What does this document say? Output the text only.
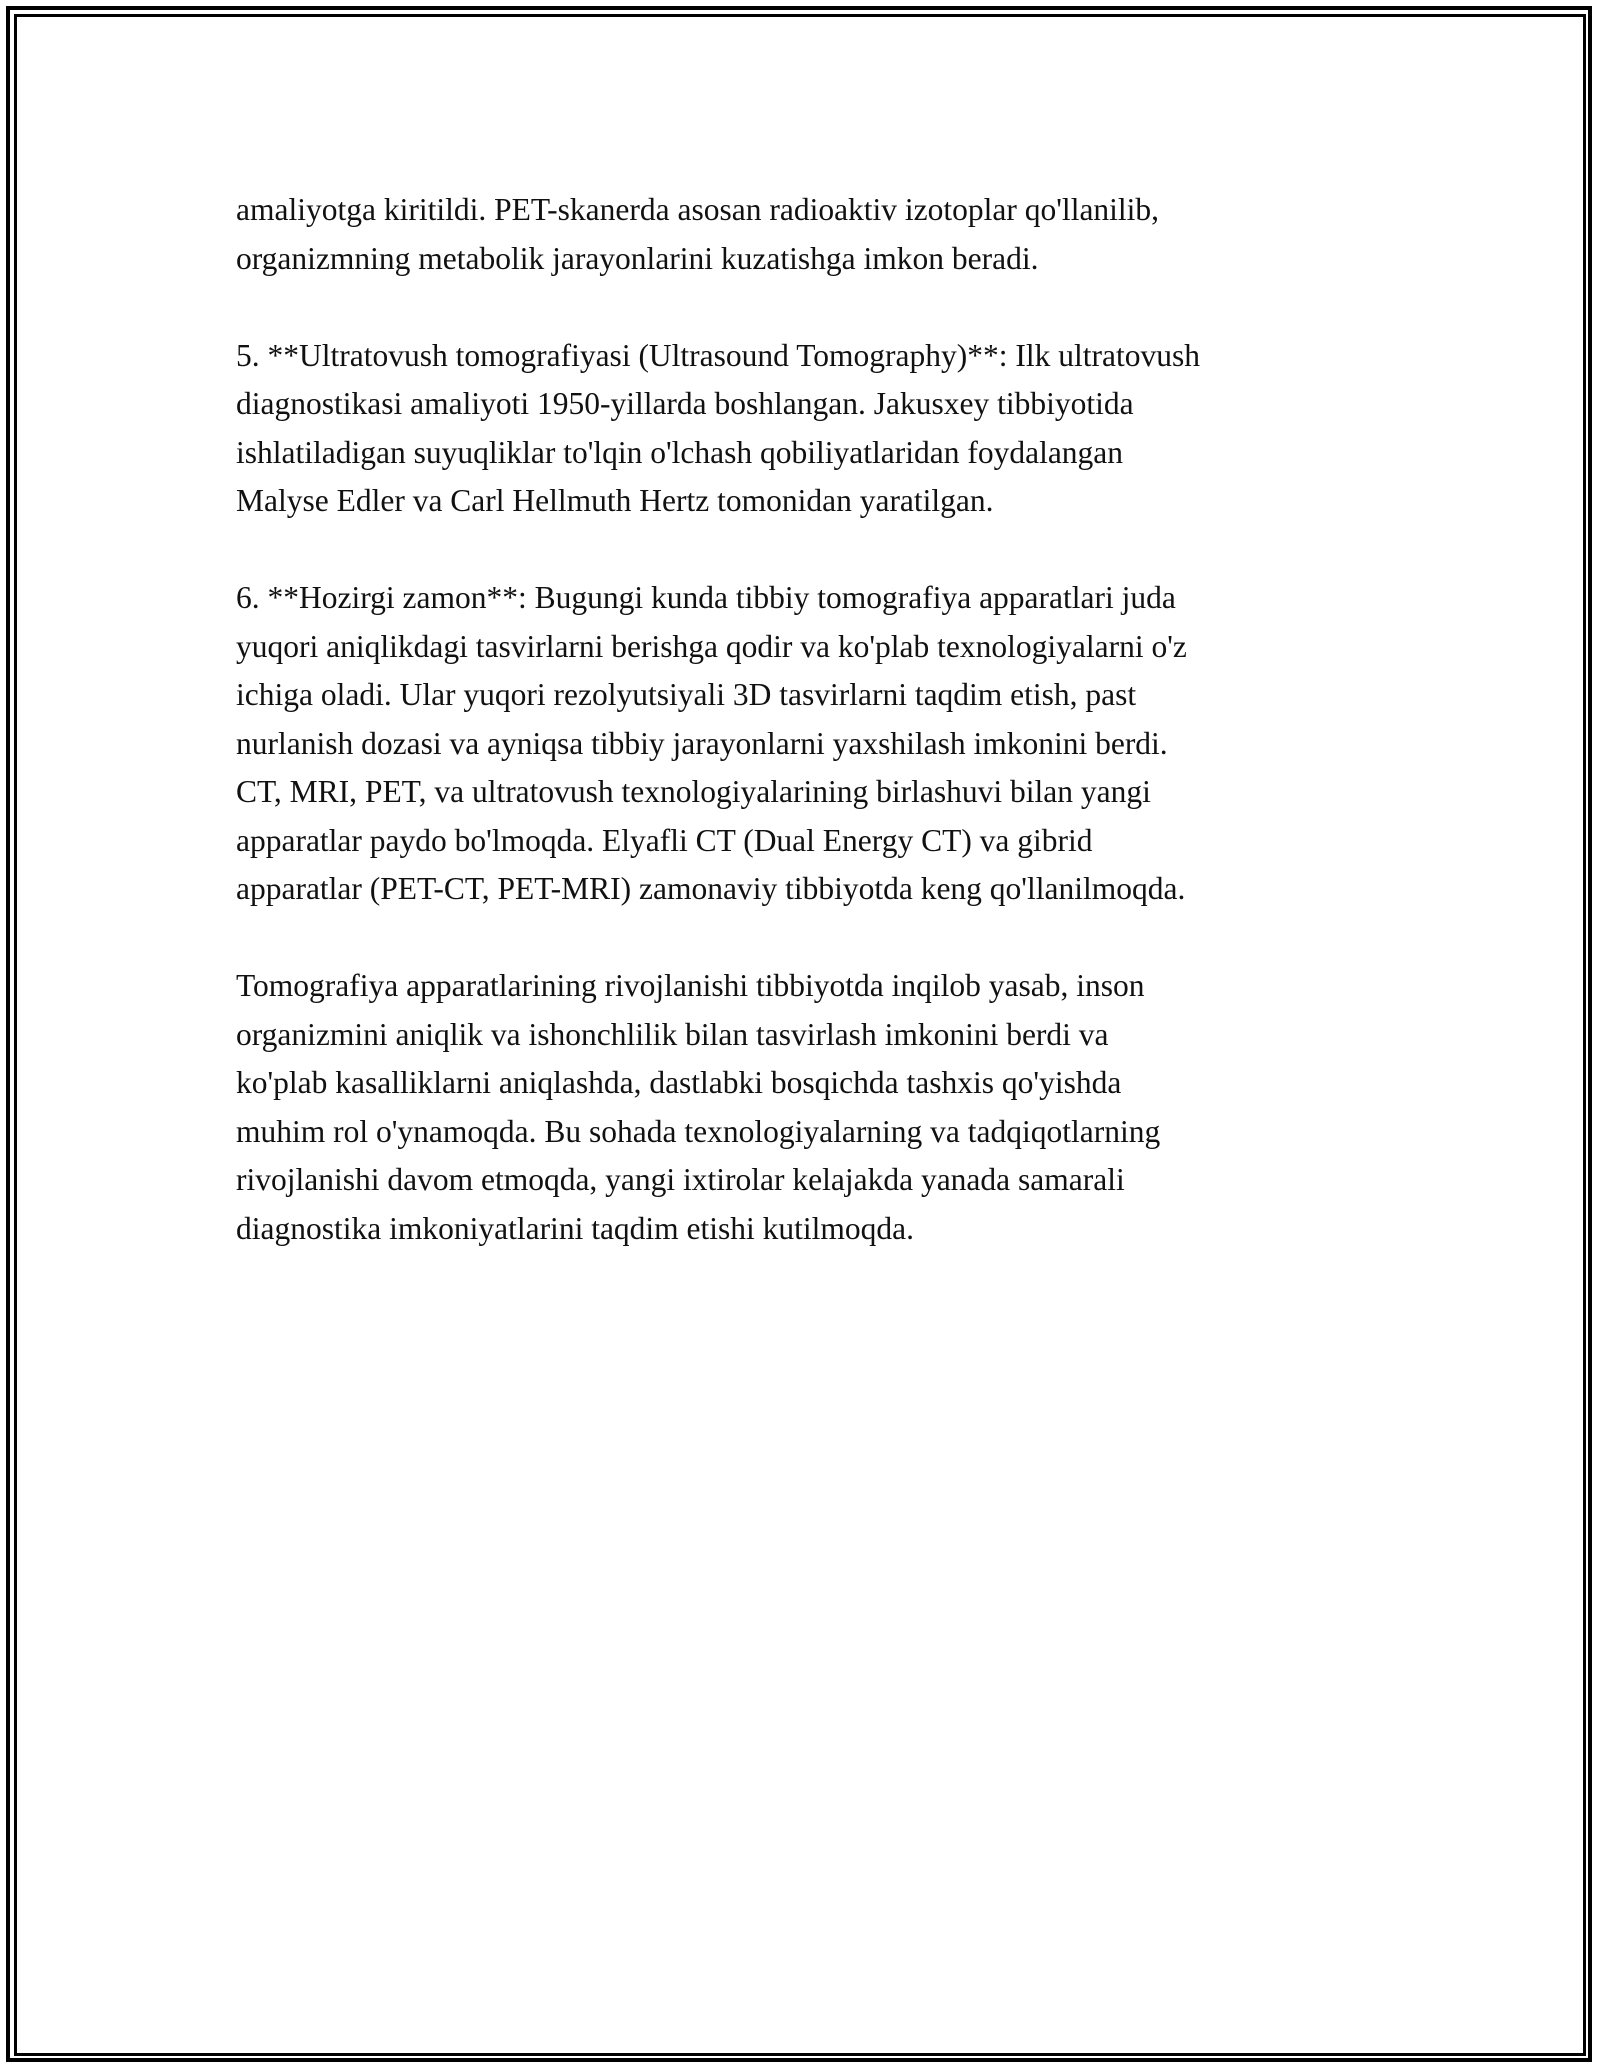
amaliyotga kiritildi. PET-skanerda asosan radioaktiv izotoplar qo'llanilib,
organizmning metabolik jarayonlarini kuzatishga imkon beradi.

5. **Ultratovush tomografiyasi (Ultrasound Tomography)**: Ilk ultratovush
diagnostikasi amaliyoti 1950-yillarda boshlangan. Jakusxey tibbiyotida
ishlatiladigan suyuqliklar to'lqin o'lchash qobiliyatlaridan foydalangan
Malyse Edler va Carl Hellmuth Hertz tomonidan yaratilgan.

6. **Hozirgi zamon**: Bugungi kunda tibbiy tomografiya apparatlari juda
yuqori aniqlikdagi tasvirlarni berishga qodir va ko'plab texnologiyalarni o'z
ichiga oladi. Ular yuqori rezolyutsiyali 3D tasvirlarni taqdim etish, past
nurlanish dozasi va ayniqsa tibbiy jarayonlarni yaxshilash imkonini berdi.
CT, MRI, PET, va ultratovush texnologiyalarining birlashuvi bilan yangi
apparatlar paydo bo'lmoqda. Elyafli CT (Dual Energy CT) va gibrid
apparatlar (PET-CT, PET-MRI) zamonaviy tibbiyotda keng qo'llanilmoqda.

Tomografiya apparatlarining rivojlanishi tibbiyotda inqilob yasab, inson
organizmini aniqlik va ishonchlilik bilan tasvirlash imkonini berdi va
ko'plab kasalliklarni aniqlashda, dastlabki bosqichda tashxis qo'yishda
muhim rol o'ynamoqda. Bu sohada texnologiyalarning va tadqiqotlarning
rivojlanishi davom etmoqda, yangi ixtirolar kelajakda yanada samarali
diagnostika imkoniyatlarini taqdim etishi kutilmoqda.
